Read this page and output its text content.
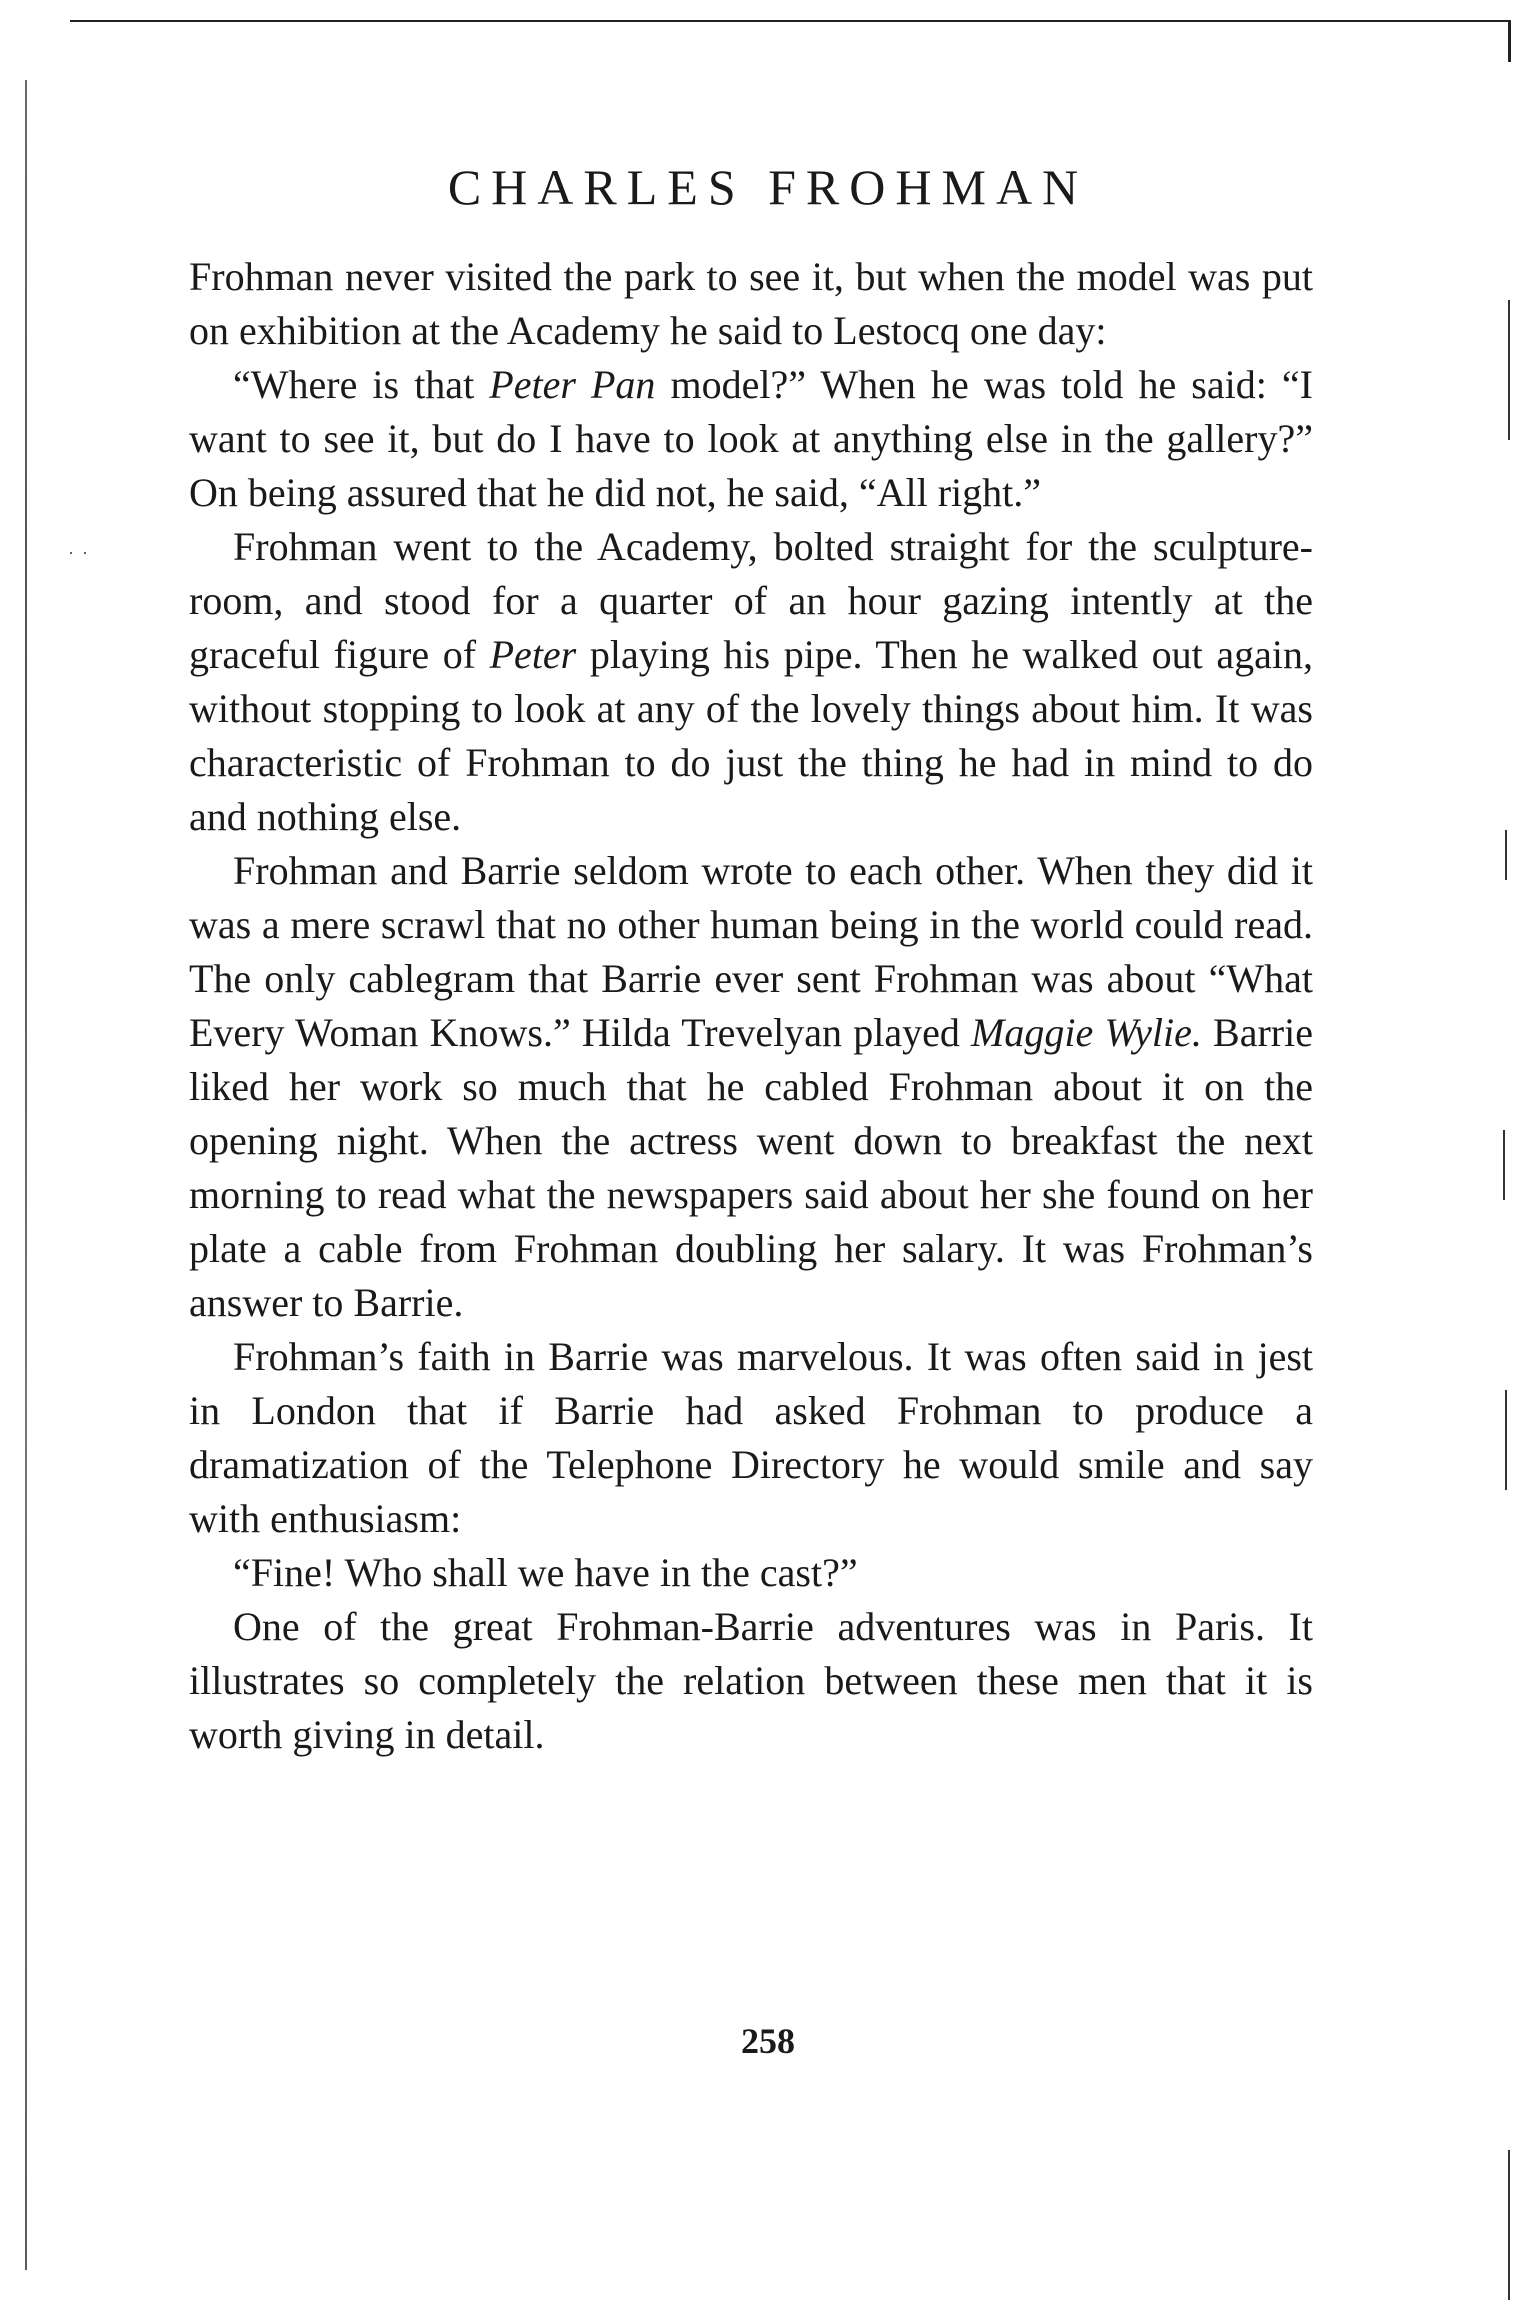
··
CHARLES FROHMAN

Frohman never visited the park to see it, but when the model was put on exhibition at the Academy he said to Lestocq one day:

“Where is that Peter Pan model?” When he was told he said: “I want to see it, but do I have to look at anything else in the gallery?” On being assured that he did not, he said, “All right.”

Frohman went to the Academy, bolted straight for the sculpture-room, and stood for a quarter of an hour gazing intently at the graceful figure of Peter playing his pipe. Then he walked out again, without stopping to look at any of the lovely things about him. It was characteristic of Frohman to do just the thing he had in mind to do and nothing else.

Frohman and Barrie seldom wrote to each other. When they did it was a mere scrawl that no other human being in the world could read. The only cablegram that Barrie ever sent Frohman was about “What Every Woman Knows.” Hilda Trevelyan played Maggie Wylie. Barrie liked her work so much that he cabled Frohman about it on the opening night. When the actress went down to breakfast the next morning to read what the newspapers said about her she found on her plate a cable from Frohman doubling her salary. It was Frohman’s answer to Barrie.

Frohman’s faith in Barrie was marvelous. It was often said in jest in London that if Barrie had asked Frohman to produce a dramatization of the Telephone Directory he would smile and say with enthusiasm:

“Fine! Who shall we have in the cast?”

One of the great Frohman-Barrie adventures was in Paris. It illustrates so completely the relation between these men that it is worth giving in detail.

258
